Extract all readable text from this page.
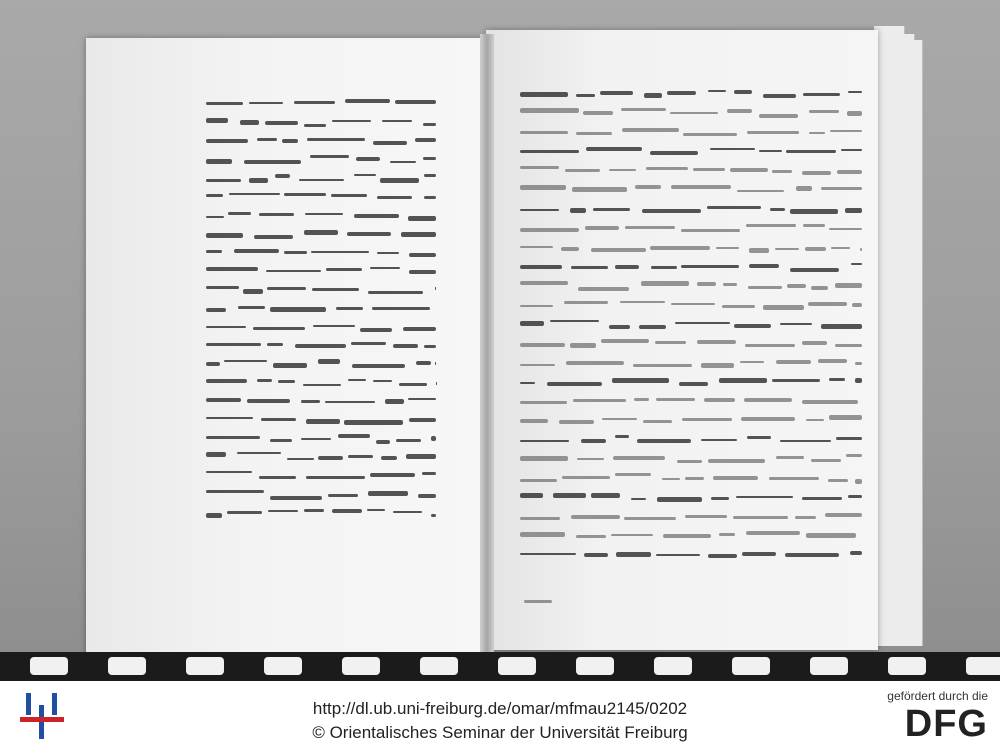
http://dl.ub.uni-freiburg.de/omar/mfmau2145/0202
© Orientalisches Seminar der Universität Freiburg
gefördert durch die
DFG
